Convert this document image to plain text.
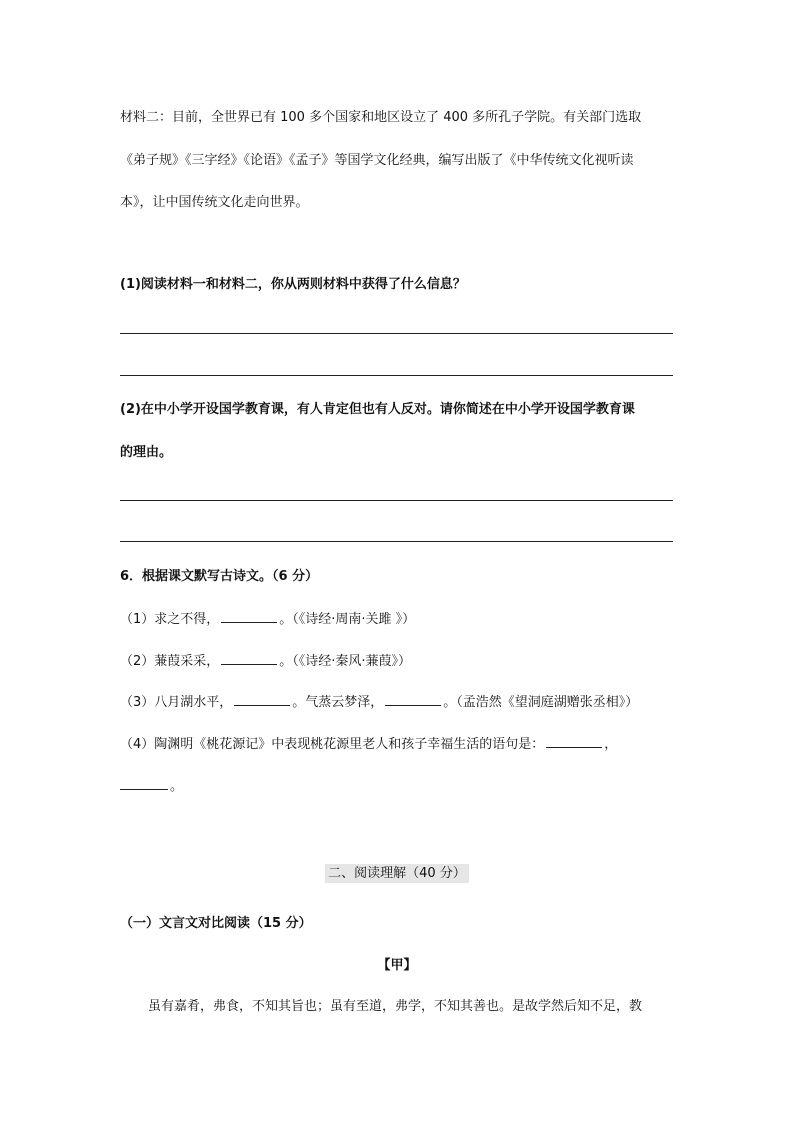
材料二：目前，全世界已有 100 多个国家和地区设立了 400 多所孔子学院。有关部门选取
《弟子规》《三字经》《论语》《孟子》等国学文化经典，编写出版了《中华传统文化视听读
本》，让中国传统文化走向世界。
(1)阅读材料一和材料二，你从两则材料中获得了什么信息？
(2)在中小学开设国学教育课，有人肯定但也有人反对。请你简述在中小学开设国学教育课
的理由。
6．根据课文默写古诗文。（6 分）
（1）求之不得，	。（《诗经·周南·关雎 》）
（2）蒹葭采采，	。（《诗经·秦风·蒹葭》）
（3）八月湖水平，	。气蒸云梦泽，	。（孟浩然《望洞庭湖赠张丞相》）
（4）陶渊明《桃花源记》中表现桃花源里老人和孩子幸福生活的语句是：	，
。
二、阅读理解（40 分）
（一）文言文对比阅读（15 分）
【甲】
虽有嘉肴，弗食，不知其旨也；虽有至道，弗学，不知其善也。是故学然后知不足，教
